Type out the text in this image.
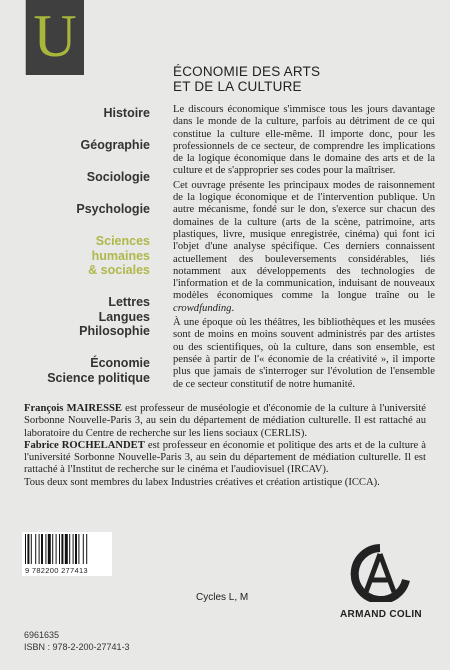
U
ÉCONOMIE DES ARTS
ET DE LA CULTURE
Histoire
Géographie
Sociologie
Psychologie
Sciences
humaines
& sociales
Lettres
Langues
Philosophie
Économie
Science politique

Le discours économique s'immisce tous les jours davantage dans le monde de la culture, parfois au détriment de ce qui constitue la culture elle-même. Il importe donc, pour les professionnels de ce secteur, de comprendre les implications de la logique économique dans le domaine des arts et de la culture et de s'approprier ses codes pour la maîtriser.

Cet ouvrage présente les principaux modes de raisonnement de la logique économique et de l'intervention publique. Un autre mécanisme, fondé sur le don, s'exerce sur chacun des domaines de la culture (arts de la scène, patrimoine, arts plastiques, livre, musique enregistrée, cinéma) qui font ici l'objet d'une analyse spécifique. Ces derniers connaissent actuellement des bouleversements considérables, liés notamment aux développements des technologies de l'information et de la communication, induisant de nouveaux modèles économiques comme la longue traîne ou le crowdfunding.

À une époque où les théâtres, les bibliothèques et les musées sont de moins en moins souvent administrés par des artistes ou des scientifiques, où la culture, dans son ensemble, est pensée à partir de l'« économie de la créativité », il importe plus que jamais de s'interroger sur l'évolution de l'ensemble de ce secteur constitutif de notre humanité.

François MAIRESSE est professeur de muséologie et d'économie de la culture à l'université Sorbonne Nouvelle-Paris 3, au sein du département de médiation culturelle. Il est rattaché au laboratoire du Centre de recherche sur les liens sociaux (CERLIS).

Fabrice ROCHELANDET est professeur en économie et politique des arts et de la culture à l'université Sorbonne Nouvelle-Paris 3, au sein du département de médiation culturelle. Il est rattaché à l'Institut de recherche sur le cinéma et l'audiovisuel (IRCAV).

Tous deux sont membres du labex Industries créatives et création artistique (ICCA).

9 782200 277413
6961635
ISBN : 978-2-200-27741-3
Cycles L, M
ARMAND COLIN
